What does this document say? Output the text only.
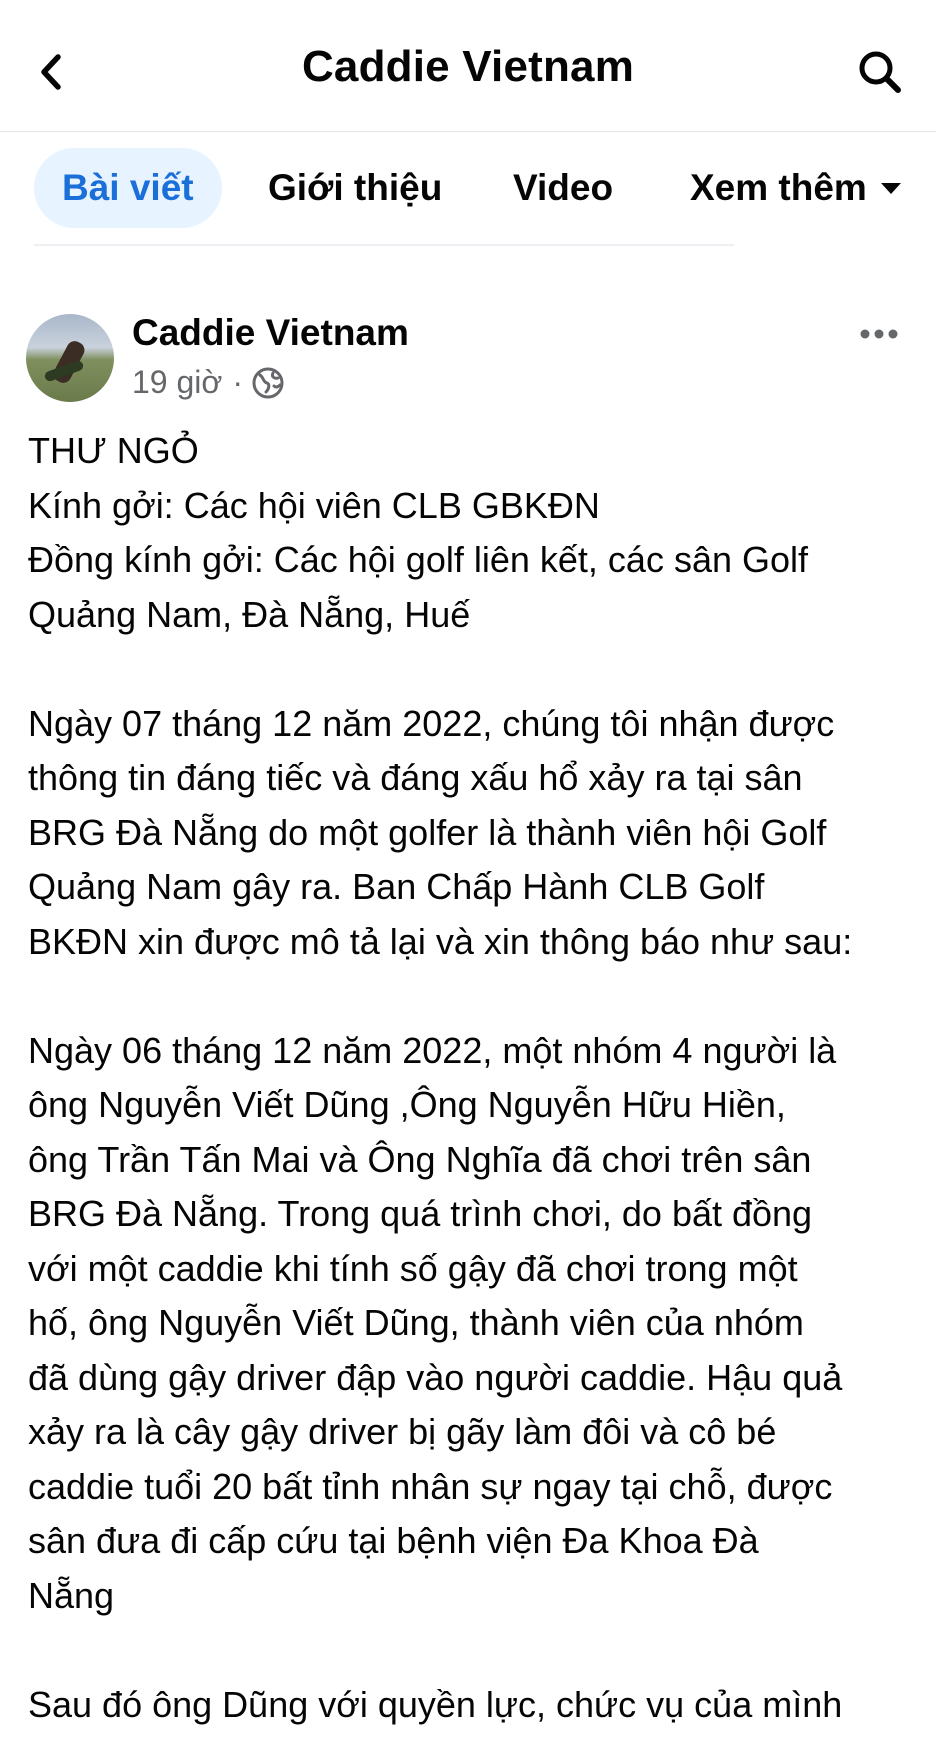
Caddie Vietnam
Bài viết Giới thiệu Video Xem thêm
Caddie Vietnam
19 giờ ·
THƯ NGỎ
Kính gởi: Các hội viên CLB GBKĐN
Đồng kính gởi: Các hội golf liên kết, các sân Golf
Quảng Nam, Đà Nẵng, Huế
Ngày 07 tháng 12 năm 2022, chúng tôi nhận được
thông tin đáng tiếc và đáng xấu hổ xảy ra tại sân
BRG Đà Nẵng do một golfer là thành viên hội Golf
Quảng Nam gây ra. Ban Chấp Hành CLB Golf
BKĐN xin được mô tả lại và xin thông báo như sau:
Ngày 06 tháng 12 năm 2022, một nhóm 4 người là
ông Nguyễn Viết Dũng ,Ông Nguyễn Hữu Hiền,
ông Trần Tấn Mai và Ông Nghĩa đã chơi trên sân
BRG Đà Nẵng. Trong quá trình chơi, do bất đồng
với một caddie khi tính số gậy đã chơi trong một
hố, ông Nguyễn Viết Dũng, thành viên của nhóm
đã dùng gậy driver đập vào người caddie. Hậu quả
xảy ra là cây gậy driver bị gãy làm đôi và cô bé
caddie tuổi 20 bất tỉnh nhân sự ngay tại chỗ, được
sân đưa đi cấp cứu tại bệnh viện Đa Khoa Đà
Nẵng
Sau đó ông Dũng với quyền lực, chức vụ của mình
